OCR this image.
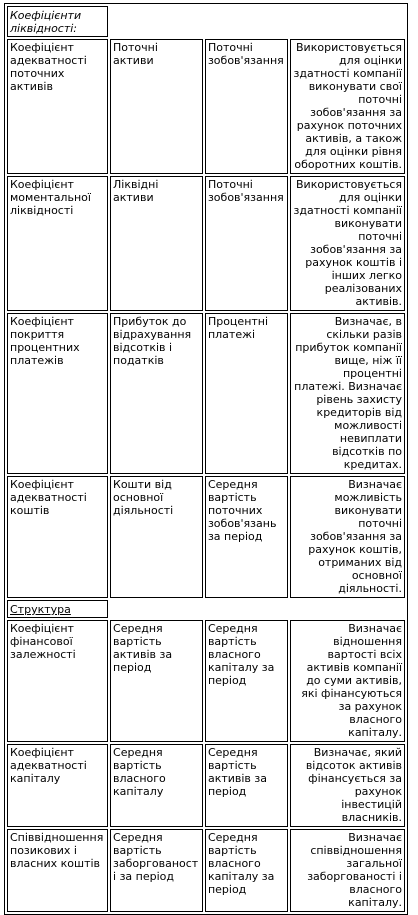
Коефіцієнти ліквідності:			
Коефіцієнт адекватності поточних активів	Поточні активи	Поточні зобов'язання	Використовується для оцінки здатності компанії виконувати свої поточні зобов'язання за рахунок поточних активів, а також для оцінки рівня оборотних коштів.
Коефіцієнт моментальної ліквідності	Ліквідні активи	Поточні зобов'язання	Використовується для оцінки здатності компанії виконувати поточні зобов'язання за рахунок коштів і інших легко реалізованих активів.
Коефіцієнт покриття процентних платежів	Прибуток до відрахування відсотків і податків	Процентні платежі	Визначає, в скільки разів прибуток компанії вище, ніж її процентні платежі. Визначає рівень захисту кредиторів від можливості невиплати відсотків по кредитах.
Коефіцієнт адекватності коштів	Кошти від основної діяльності	Середня вартість поточних зобов'язань за період	Визначає можливість виконувати поточні зобов'язання за рахунок коштів, отриманих від основної діяльності.
Структура			
Коефіцієнт фінансової залежності	Середня вартість активів за період	Середня вартість власного капіталу за період	Визначає відношення вартості всіх активів компанії до суми активів, які фінансуються за рахунок власного капіталу.
Коефіцієнт адекватності капіталу	Середня вартість власного капіталу	Середня вартість активів за період	Визначає, який відсоток активів фінансується за рахунок інвестицій власників.
Співвідношення позикових і власних коштів	Середня вартість заборгованості за період	Середня вартість власного капіталу за період	Визначає співвідношення загальної заборгованості і власного капіталу.
